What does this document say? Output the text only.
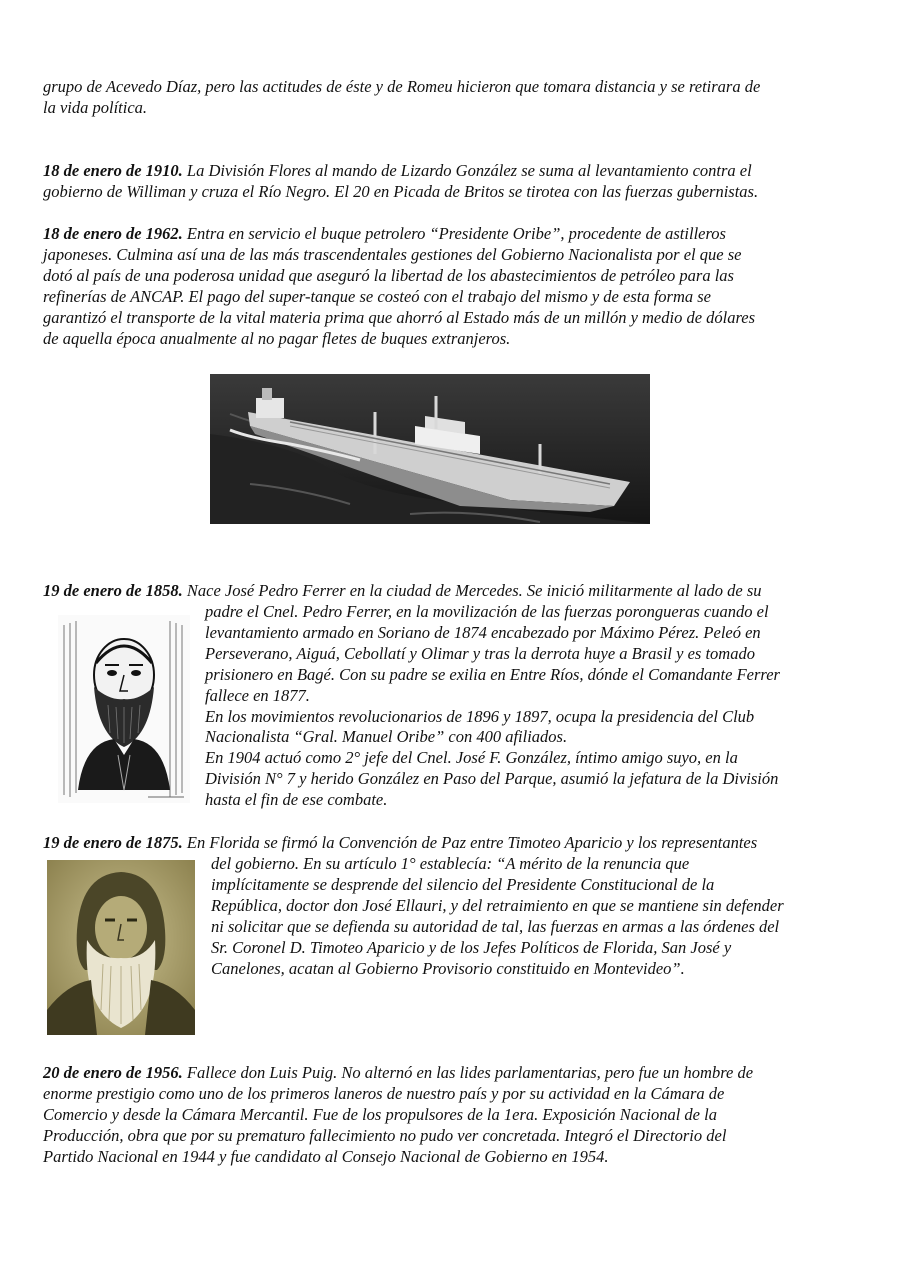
grupo de Acevedo Díaz, pero las actitudes de éste y de Romeu hicieron que tomara distancia y se retirara de
la vida política.
18 de enero de 1910. La División Flores al mando de Lizardo González se suma al levantamiento contra el
gobierno de Williman y cruza el Río Negro. El 20 en Picada de Britos se tirotea con las fuerzas gubernistas.
18 de enero de 1962. Entra en servicio el buque petrolero “Presidente Oribe”, procedente de astilleros
japoneses. Culmina así una de las más trascendentales gestiones del Gobierno Nacionalista por el que se
dotó al país de una poderosa unidad que aseguró la libertad de los abastecimientos de petróleo para las
refinerías de ANCAP. El pago del super-tanque se costeó con el trabajo del mismo y de esta forma se
garantizó el transporte de la vital materia prima que ahorró al Estado más de un millón y medio de dólares
de aquella época anualmente al no pagar fletes de buques extranjeros.
19 de enero de 1858. Nace José Pedro Ferrer en la ciudad de Mercedes. Se inició militarmente al lado de su
padre el Cnel. Pedro Ferrer, en la movilización de las fuerzas porongueras cuando el
levantamiento armado en Soriano de 1874 encabezado por Máximo Pérez. Peleó en
Perseverano, Aiguá, Cebollatí y Olimar y tras la derrota huye a Brasil y es tomado
prisionero en Bagé. Con su padre se exilia en Entre Ríos, dónde el Comandante Ferrer
fallece en 1877.
En los movimientos revolucionarios de 1896 y 1897, ocupa la presidencia del Club
Nacionalista “Gral. Manuel Oribe” con 400 afiliados.
En 1904 actuó como 2° jefe del Cnel. José F. González, íntimo amigo suyo, en la
División N° 7 y herido González en Paso del Parque, asumió la jefatura de la División
hasta el fin de ese combate.
19 de enero de 1875. En Florida se firmó la Convención de Paz entre Timoteo Aparicio y los representantes
del gobierno. En su artículo 1° establecía: “A mérito de la renuncia que
implícitamente se desprende del silencio del Presidente Constitucional de la
República, doctor don José Ellauri, y del retraimiento en que se mantiene sin defender
ni solicitar que se defienda su autoridad de tal, las fuerzas en armas a las órdenes del
Sr. Coronel D. Timoteo Aparicio y de los Jefes Políticos de Florida, San José y
Canelones, acatan al Gobierno Provisorio constituido en Montevideo”.
20 de enero de 1956. Fallece don Luis Puig. No alternó en las lides parlamentarias, pero fue un hombre de
enorme prestigio como uno de los primeros laneros de nuestro país y por su actividad en la Cámara de
Comercio y desde la Cámara Mercantil. Fue de los propulsores de la 1era. Exposición Nacional de la
Producción, obra que por su prematuro fallecimiento no pudo ver concretada. Integró el Directorio del
Partido Nacional en 1944 y fue candidato al Consejo Nacional de Gobierno en 1954.
